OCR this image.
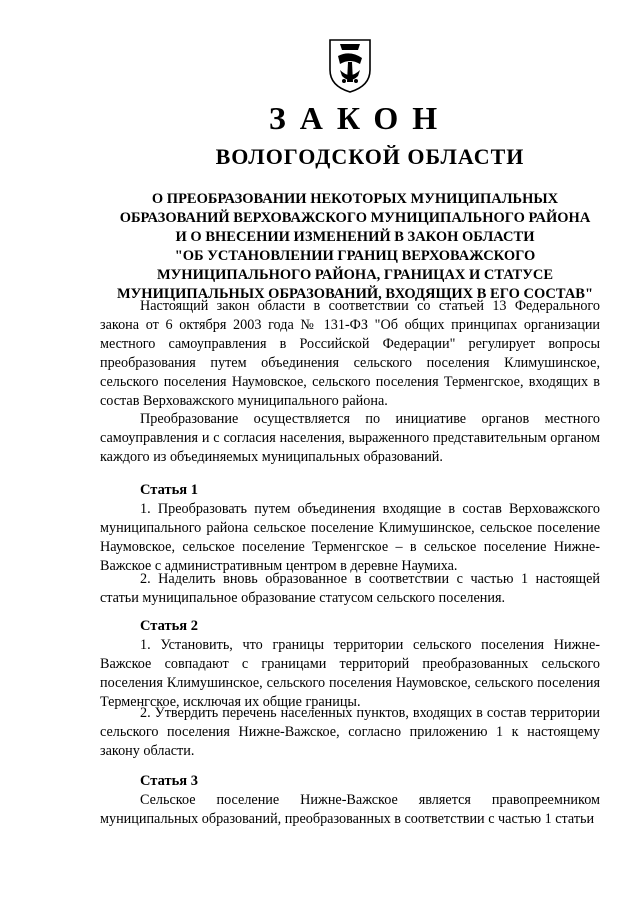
ЗАКОН
ВОЛОГОДСКОЙ ОБЛАСТИ
О ПРЕОБРАЗОВАНИИ НЕКОТОРЫХ МУНИЦИПАЛЬНЫХ
ОБРАЗОВАНИЙ ВЕРХОВАЖСКОГО МУНИЦИПАЛЬНОГО РАЙОНА
И О ВНЕСЕНИИ ИЗМЕНЕНИЙ В ЗАКОН ОБЛАСТИ
"ОБ УСТАНОВЛЕНИИ ГРАНИЦ ВЕРХОВАЖСКОГО
МУНИЦИПАЛЬНОГО РАЙОНА, ГРАНИЦАХ И СТАТУСЕ
МУНИЦИПАЛЬНЫХ ОБРАЗОВАНИЙ, ВХОДЯЩИХ В ЕГО СОСТАВ"

Настоящий закон области в соответствии со статьей 13 Федерального закона от 6 октября 2003 года № 131-ФЗ "Об общих принципах организации местного самоуправления в Российской Федерации" регулирует вопросы преобразования путем объединения сельского поселения Климушинское, сельского поселения Наумовское, сельского поселения Терменгское, входящих в состав Верховажского муниципального района.

Преобразование осуществляется по инициативе органов местного самоуправления и с согласия населения, выраженного представительным органом каждого из объединяемых муниципальных образований.

Статья 1

1. Преобразовать путем объединения входящие в состав Верховажского муниципального района сельское поселение Климушинское, сельское поселение Наумовское, сельское поселение Терменгское – в сельское поселение Нижне-Важское с административным центром в деревне Наумиха.

2. Наделить вновь образованное в соответствии с частью 1 настоящей статьи муниципальное образование статусом сельского поселения.

Статья 2

1. Установить, что границы территории сельского поселения Нижне-Важское совпадают с границами территорий преобразованных сельского поселения Климушинское, сельского поселения Наумовское, сельского поселения Терменгское, исключая их общие границы.

2. Утвердить перечень населенных пунктов, входящих в состав территории сельского поселения Нижне-Важское, согласно приложению 1 к настоящему закону области.

Статья 3

Сельское поселение Нижне-Важское является правопреемником муниципальных образований, преобразованных в соответствии с частью 1 статьи
